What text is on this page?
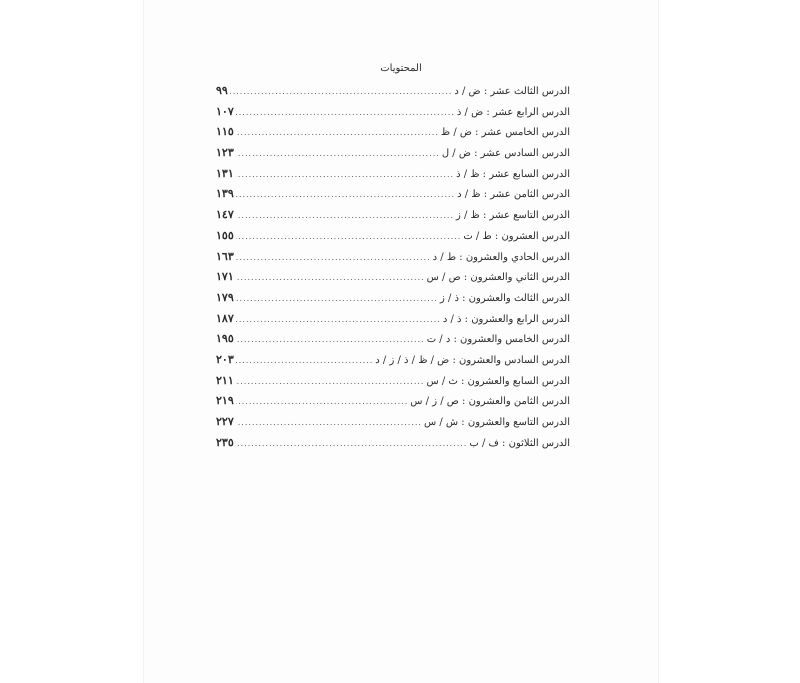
المحتويات
الدرس الثالث عشر : ض / د
.....
٩٩
الدرس الرابع عشر : ض / ذ
.....
١٠٧
الدرس الخامس عشر : ض / ظ
.....
١١٥
الدرس السادس عشر : ض / ل
.....
١٢٣
الدرس السابع عشر : ظ / ذ
.....
١٣١
الدرس الثامن عشر : ظ / د
.....
١٣٩
الدرس التاسع عشر : ظ / ز
.....
١٤٧
الدرس العشرون : ط / ت
.....
١٥٥
الدرس الحادي والعشرون : ط / د
.....
١٦٣
الدرس الثاني والعشرون : ص / س
.....
١٧١
الدرس الثالث والعشرون : ذ / ز
.....
١٧٩
الدرس الرابع والعشرون : ذ / د
.....
١٨٧
الدرس الخامس والعشرون : د / ت
.....
١٩٥
الدرس السادس والعشرون : ض / ظ / ذ / ز / د
.....
٢٠٣
الدرس السابع والعشرون : ث / س
.....
٢١١
الدرس الثامن والعشرون : ص / ز / س
.....
٢١٩
الدرس التاسع والعشرون : ش / س
.....
٢٢٧
الدرس الثلاثون : ف / ب
.....
٢٣٥
